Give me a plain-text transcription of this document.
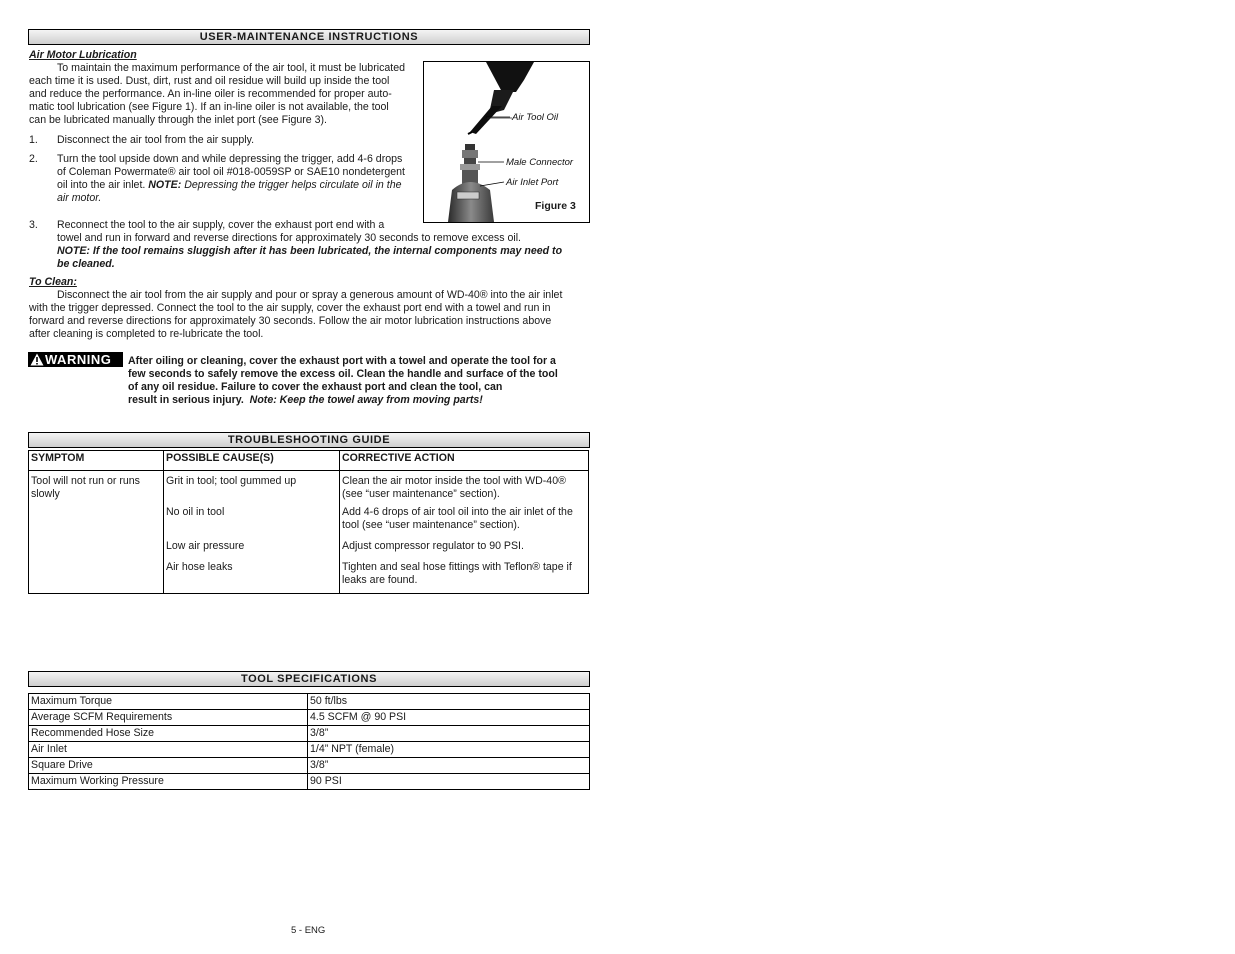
USER-MAINTENANCE INSTRUCTIONS
Air Motor Lubrication
To maintain the maximum performance of the air tool, it must be lubricated
each time it is used. Dust, dirt, rust and oil residue will build up inside the tool
and reduce the performance. An in-line oiler is recommended for proper auto-
matic tool lubrication (see Figure 1). If an in-line oiler is not available, the tool
can be lubricated manually through the inlet port (see Figure 3).
1. Disconnect the air tool from the air supply.
2. Turn the tool upside down and while depressing the trigger, add 4-6 drops
of Coleman Powermate® air tool oil #018-0059SP or SAE10 nondetergent
oil into the air inlet. NOTE: Depressing the trigger helps circulate oil in the
air motor.
3. Reconnect the tool to the air supply, cover the exhaust port end with a
towel and run in forward and reverse directions for approximately 30 seconds to remove excess oil.
NOTE: If the tool remains sluggish after it has been lubricated, the internal components may need to
be cleaned.
To Clean:
Disconnect the air tool from the air supply and pour or spray a generous amount of WD-40® into the air inlet
with the trigger depressed. Connect the tool to the air supply, cover the exhaust port end with a towel and run in
forward and reverse directions for approximately 30 seconds. Follow the air motor lubrication instructions above
after cleaning is completed to re-lubricate the tool.
Air Tool Oil
Male Connector
Air Inlet Port
Figure 3
WARNING After oiling or cleaning, cover the exhaust port with a towel and operate the tool for a
few seconds to safely remove the excess oil. Clean the handle and surface of the tool
of any oil residue. Failure to cover the exhaust port and clean the tool, can
result in serious injury. Note: Keep the towel away from moving parts!
TROUBLESHOOTING GUIDE
SYMPTOM	POSSIBLE CAUSE(S)	CORRECTIVE ACTION
Tool will not run or runs slowly	Grit in tool; tool gummed up	Clean the air motor inside the tool with WD-40® (see “user maintenance” section).
	No oil in tool	Add 4-6 drops of air tool oil into the air inlet of the tool (see “user maintenance” section).
	Low air pressure	Adjust compressor regulator to 90 PSI.
	Air hose leaks	Tighten and seal hose fittings with Teflon® tape if leaks are found.
TOOL SPECIFICATIONS
Maximum Torque	50 ft/lbs
Average SCFM Requirements	4.5 SCFM @ 90 PSI
Recommended Hose Size	3/8”
Air Inlet	1/4” NPT (female)
Square Drive	3/8”
Maximum Working Pressure	90 PSI
5 - ENG
